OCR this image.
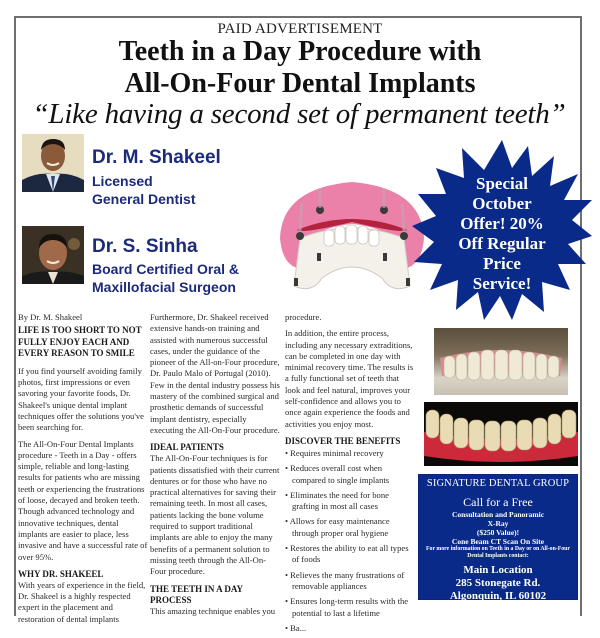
PAID ADVERTISEMENT
Teeth in a Day Procedure with
All-On-Four Dental Implants
“Like having a second set of permanent teeth”
Dr. M. Shakeel
Licensed
General Dentist
Dr. S. Sinha
Board Certified Oral &
Maxillofacial Surgeon
Special
October
Offer! 20%
Off Regular
Price
Service!

By Dr. M. Shakeel

LIFE IS TOO SHORT TO NOT FULLY ENJOY EACH AND EVERY REASON TO SMILE

If you find yourself avoiding family photos, first impressions or even savoring your favorite foods, Dr. Shakeel's unique dental implant techniques offer the solutions you've been searching for.

The All-On-Four Dental Implants procedure - Teeth in a Day - offers simple, reliable and long-lasting results for patients who are missing teeth or experiencing the frustrations of loose, decayed and broken teeth. Though advanced technology and innovative techniques, dental implants are easier to place, less invasive and have a successful rate of over 95%.

WHY DR. SHAKEEL

With years of experience in the field, Dr. Shakeel is a highly respected expert in the placement and restoration of dental implants

Furthermore, Dr. Shakeel received extensive hands-on training and assisted with numerous successful cases, under the guidance of the pioneer of the All-on-Four procedure, Dr. Paulo Malo of Portugal (2010). Few in the dental industry possess his mastery of the combined surgical and prosthetic demands of successful implant dentistry, especially executing the All-On-Four procedure.

IDEAL PATIENTS

The All-On-Four techniques is for patients dissatisfied with their current dentures or for those who have no practical alternatives for saving their remaining teeth. In most all cases, patients lacking the bone volume required to support traditional implants are able to enjoy the many benefits of a permanent solution to missing teeth through the All-On-Four procedure.

THE TEETH IN A DAY PROCESS

This amazing technique enables you

procedure.

In addition, the entire process, including any necessary extraditions, can be completed in one day with minimal recovery time. The results is a fully functional set of teeth that look and feel natural, improves your self-confidence and allows you to once again experience the foods and activities you enjoy most.

DISCOVER THE BENEFITS
• Requires minimal recovery
• Reduces overall cost when compared to single implants
• Eliminates the need for bone grafting in most all cases
• Allows for easy maintenance through proper oral hygiene
• Restores the ability to eat all types of foods
• Relieves the many frustrations of removable appliances
• Ensures long-term results with the potential to last a lifetime
• Ba...
SIGNATURE DENTAL GROUP
Call for a Free
Consultation and Panoramic
X-Ray
($250 Value)!
Cone Beam CT Scan On Site
For more information on Teeth in a Day or on All-on-Four Dental Implants contact:
Main Location
285 Stonegate Rd.
Algonquin, IL 60102
847-658-3400 (P)
815-455-220 (P)
